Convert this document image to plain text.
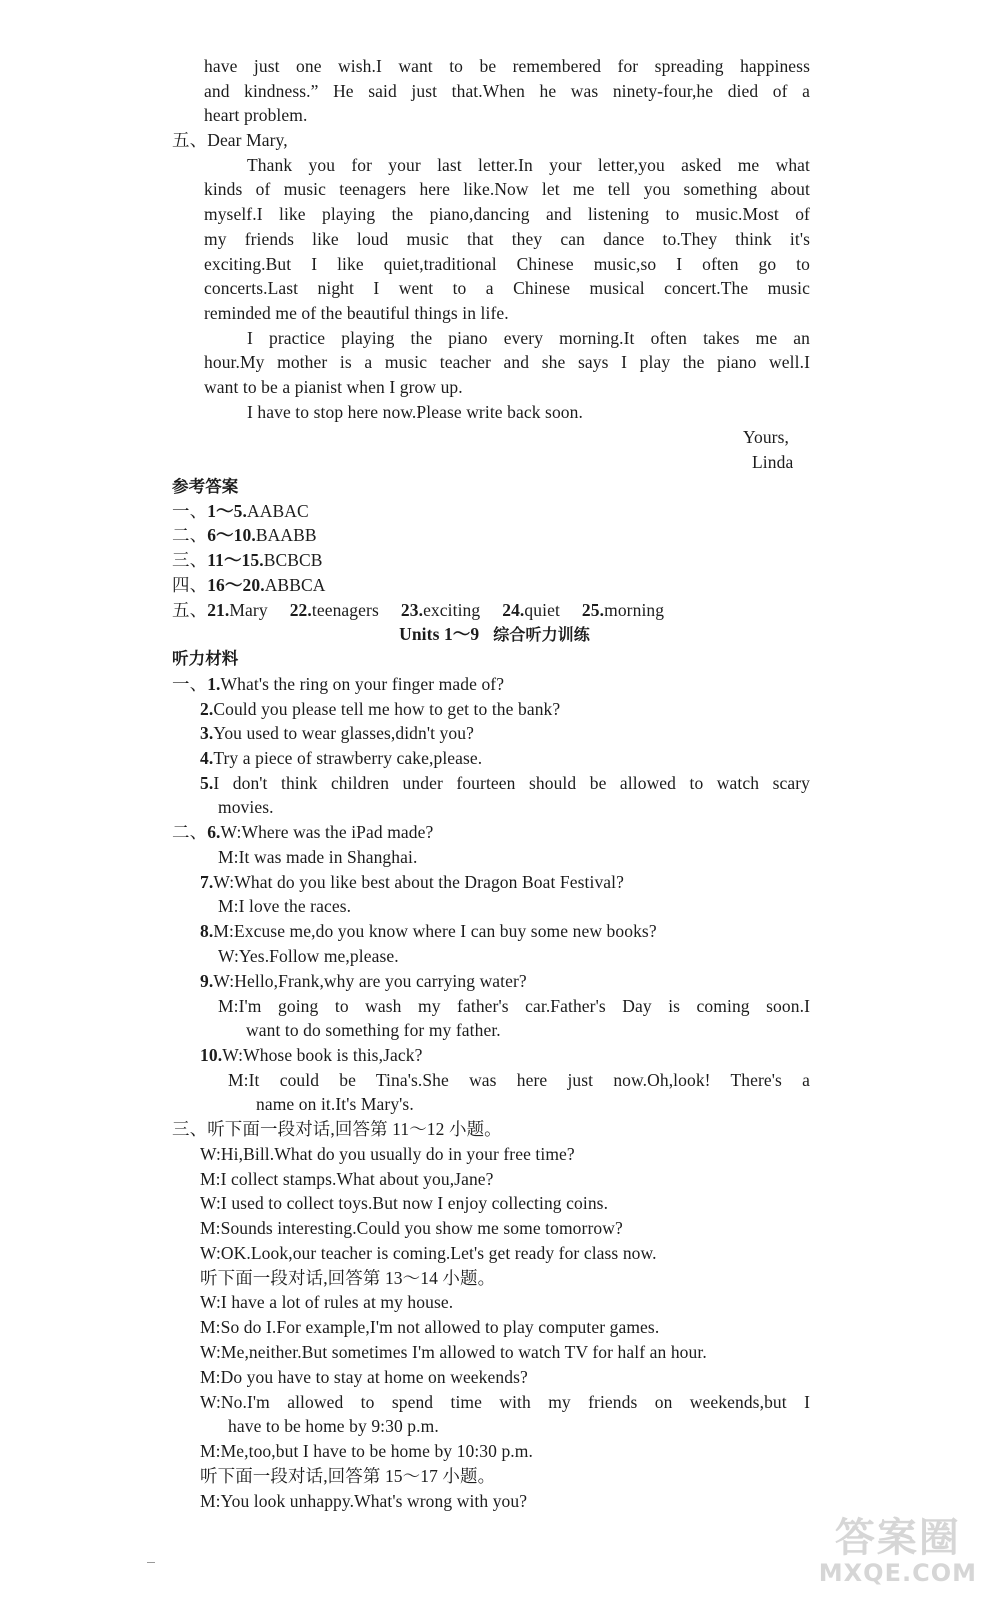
have just one wish.I want to be remembered for spreading happiness
and kindness.” He said just that.When he was ninety-four,he died of a
heart problem.
五、Dear Mary,
Thank you for your last letter.In your letter,you asked me what
kinds of music teenagers here like.Now let me tell you something about
myself.I like playing the piano,dancing and listening to music.Most of
my friends like loud music that they can dance to.They think it's
exciting.But I like quiet,traditional Chinese music,so I often go to
concerts.Last night I went to a Chinese musical concert.The music
reminded me of the beautiful things in life.
I practice playing the piano every morning.It often takes me an
hour.My mother is a music teacher and she says I play the piano well.I
want to be a pianist when I grow up.
I have to stop here now.Please write back soon.
Yours,
Linda
参考答案
一、1～5.AABAC
二、6～10.BAABB
三、11～15.BCBCB
四、16～20.ABBCA
五、21.Mary 22.teenagers 23.exciting 24.quiet 25.morning
Units 1～9 综合听力训练
听力材料
一、1.What's the ring on your finger made of?
2.Could you please tell me how to get to the bank?
3.You used to wear glasses,didn't you?
4.Try a piece of strawberry cake,please.
5.I don't think children under fourteen should be allowed to watch scary
movies.
二、6.W:Where was the iPad made?
M:It was made in Shanghai.
7.W:What do you like best about the Dragon Boat Festival?
M:I love the races.
8.M:Excuse me,do you know where I can buy some new books?
W:Yes.Follow me,please.
9.W:Hello,Frank,why are you carrying water?
M:I'm going to wash my father's car.Father's Day is coming soon.I
want to do something for my father.
10.W:Whose book is this,Jack?
M:It could be Tina's.She was here just now.Oh,look! There's a
name on it.It's Mary's.
三、听下面一段对话,回答第 11～12 小题。
W:Hi,Bill.What do you usually do in your free time?
M:I collect stamps.What about you,Jane?
W:I used to collect toys.But now I enjoy collecting coins.
M:Sounds interesting.Could you show me some tomorrow?
W:OK.Look,our teacher is coming.Let's get ready for class now.
听下面一段对话,回答第 13～14 小题。
W:I have a lot of rules at my house.
M:So do I.For example,I'm not allowed to play computer games.
W:Me,neither.But sometimes I'm allowed to watch TV for half an hour.
M:Do you have to stay at home on weekends?
W:No.I'm allowed to spend time with my friends on weekends,but I
have to be home by 9:30 p.m.
M:Me,too,but I have to be home by 10:30 p.m.
听下面一段对话,回答第 15～17 小题。
M:You look unhappy.What's wrong with you?
答案圈
MXQE.COM
